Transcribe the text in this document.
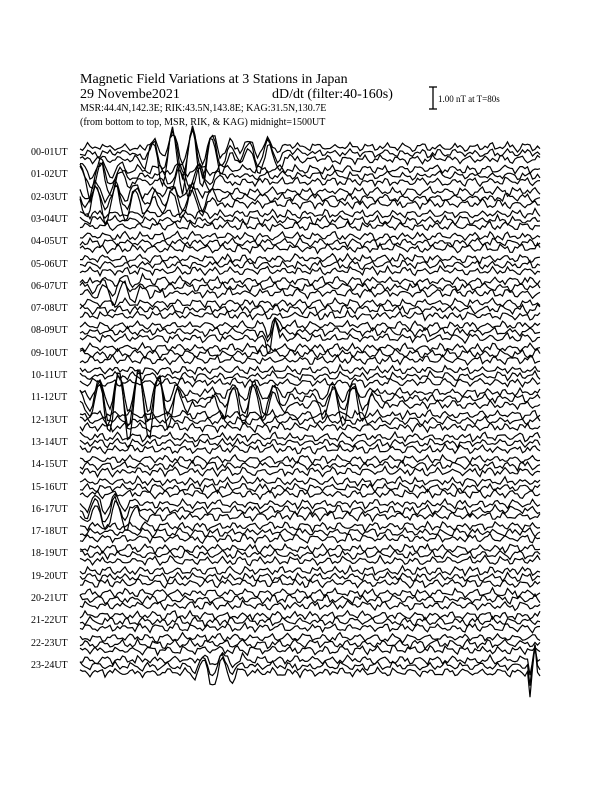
Magnetic Field Variations at 3 Stations in Japan
29 Novembe2021	dD/dt (filter:40-160s)
MSR:44.4N,142.3E; RIK:43.5N,143.8E; KAG:31.5N,130.7E
(from bottom to top, MSR, RIK, & KAG) midnight=1500UT
1.00 nT at T=80s
00-01UT
01-02UT
02-03UT
03-04UT
04-05UT
05-06UT
06-07UT
07-08UT
08-09UT
09-10UT
10-11UT
11-12UT
12-13UT
13-14UT
14-15UT
15-16UT
16-17UT
17-18UT
18-19UT
19-20UT
20-21UT
21-22UT
22-23UT
23-24UT
